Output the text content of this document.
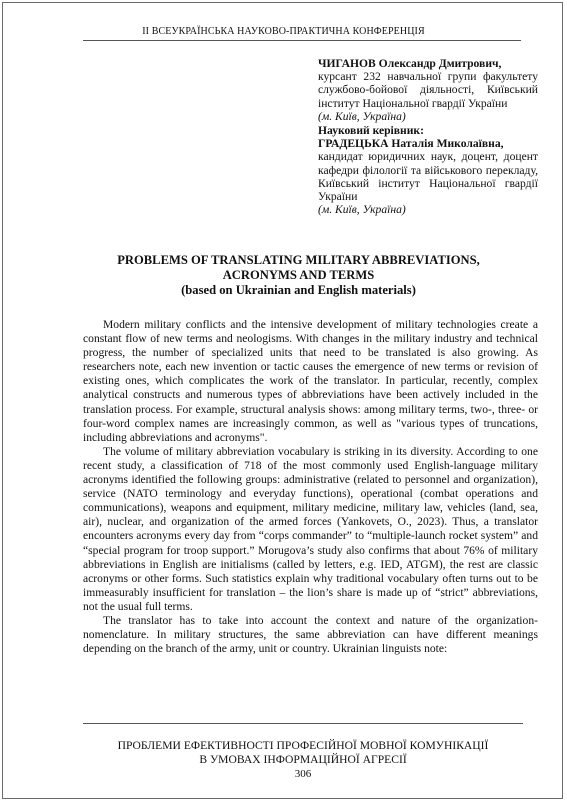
ІІ ВСЕУКРАЇНСЬКА НАУКОВО-ПРАКТИЧНА КОНФЕРЕНЦІЯ

ЧИГАНОВ Олександр Дмитрович,

курсант 232 навчальної групи факультету службово-бойової діяльності, Київський інститут Національної гвардії України

(м. Київ, Україна)

Науковий керівник:

ГРАДЕЦЬКА Наталія Миколаївна,

кандидат юридичних наук, доцент, доцент кафедри філології та військового перекладу, Київський інститут Національної гвардії України

(м. Київ, Україна)

PROBLEMS OF TRANSLATING MILITARY ABBREVIATIONS,
ACRONYMS AND TERMS
(based on Ukrainian and English materials)

Modern military conflicts and the intensive development of military technologies create a constant flow of new terms and neologisms. With changes in the military industry and technical progress, the number of specialized units that need to be translated is also growing. As researchers note, each new invention or tactic causes the emergence of new terms or revision of existing ones, which complicates the work of the translator. In particular, recently, complex analytical constructs and numerous types of abbreviations have been actively included in the translation process. For example, structural analysis shows: among military terms, two-, three- or four-word complex names are increasingly common, as well as "various types of truncations, including abbreviations and acronyms".

The volume of military abbreviation vocabulary is striking in its diversity. According to one recent study, a classification of 718 of the most commonly used English-language military acronyms identified the following groups: administrative (related to personnel and organization), service (NATO terminology and everyday functions), operational (combat operations and communications), weapons and equipment, military medicine, military law, vehicles (land, sea, air), nuclear, and organization of the armed forces (Yankovets, O., 2023). Thus, a translator encounters acronyms every day from “corps commander” to “multiple-launch rocket system” and “special program for troop support.” Morugova’s study also confirms that about 76% of military abbreviations in English are initialisms (called by letters, e.g. IED, ATGM), the rest are classic acronyms or other forms. Such statistics explain why traditional vocabulary often turns out to be immeasurably insufficient for translation – the lion’s share is made up of “strict” abbreviations, not the usual full terms.

The translator has to take into account the context and nature of the organization-nomenclature. In military structures, the same abbreviation can have different meanings depending on the branch of the army, unit or country. Ukrainian linguists note:

ПРОБЛЕМИ ЕФЕКТИВНОСТІ ПРОФЕСІЙНОЇ МОВНОЇ КОМУНІКАЦІЇ
В УМОВАХ ІНФОРМАЦІЙНОЇ АГРЕСІЇ
306
